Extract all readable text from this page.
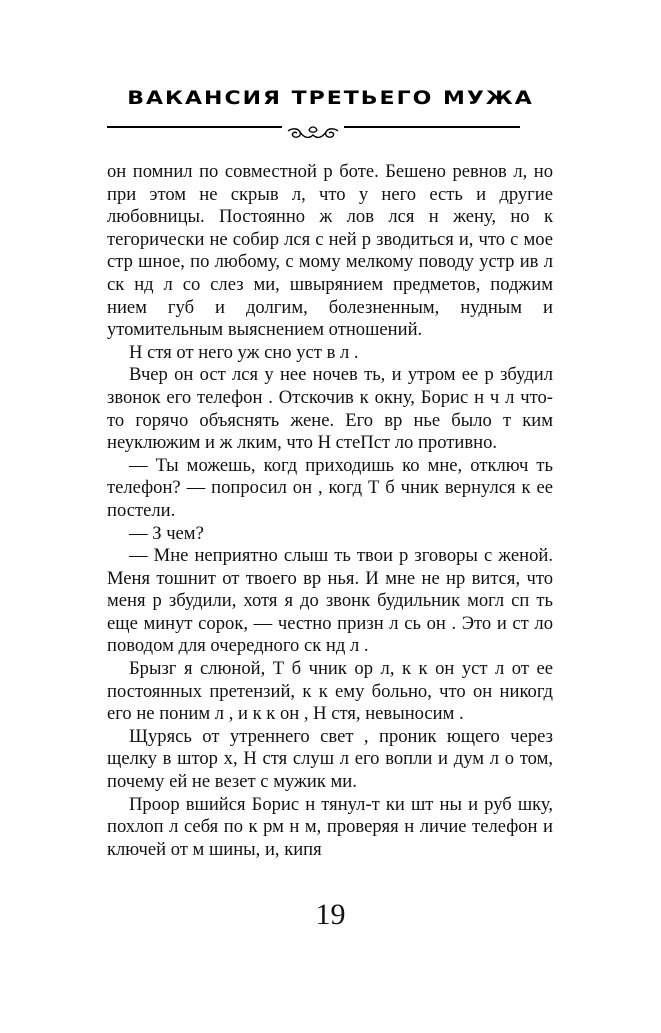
ВАКАНСИЯ ТРЕТЬЕГО МУЖА

он помнил по совместной р боте. Бешено ревнов л, но при этом не скрыв л, что у него есть и другие любовницы. Постоянно ж лов лся н жену, но к тегорически не собир лся с ней р зводиться и, что с мое стр шное, по любому, с мому мелкому поводу устр ив л ск нд л со слез ми, швырянием предметов, поджим нием губ и долгим, болезненным, нудным и утомительным выяснением отношений.

Н стя от него уж сно уст в л .

Вчер он ост лся у нее ночев ть, и утром ее р збудил звонок его телефон . Отскочив к окну, Борис н ч л что-то горячо объяснять жене. Его вр нье было т ким неуклюжим и ж лким, что Н стеПст ло противно.

— Ты можешь, когд приходишь ко мне, отключ ть телефон? — попросил он , когд Т б чник вернулся к ее постели.

— З чем?

— Мне неприятно слыш ть твои р зговоры с женой. Меня тошнит от твоего вр нья. И мне не нр вится, что меня р збудили, хотя я до звонк будильник могл сп ть еще минут сорок, — честно призн л сь он . Это и ст ло поводом для очередного ск нд л .

Брызг я слюной, Т б чник ор л, к к он уст л от ее постоянных претензий, к к ему больно, что он никогд его не поним л , и к к он , Н стя, невыносим .

Щурясь от утреннего свет , проник ющего через щелку в штор х, Н стя слуш л его вопли и дум л о том, почему ей не везет с мужик ми.

Проор вшийся Борис н тянул-т ки шт ны и руб шку, похлоп л себя по к рм н м, проверяя н личие телефон и ключей от м шины, и, кипя

19
